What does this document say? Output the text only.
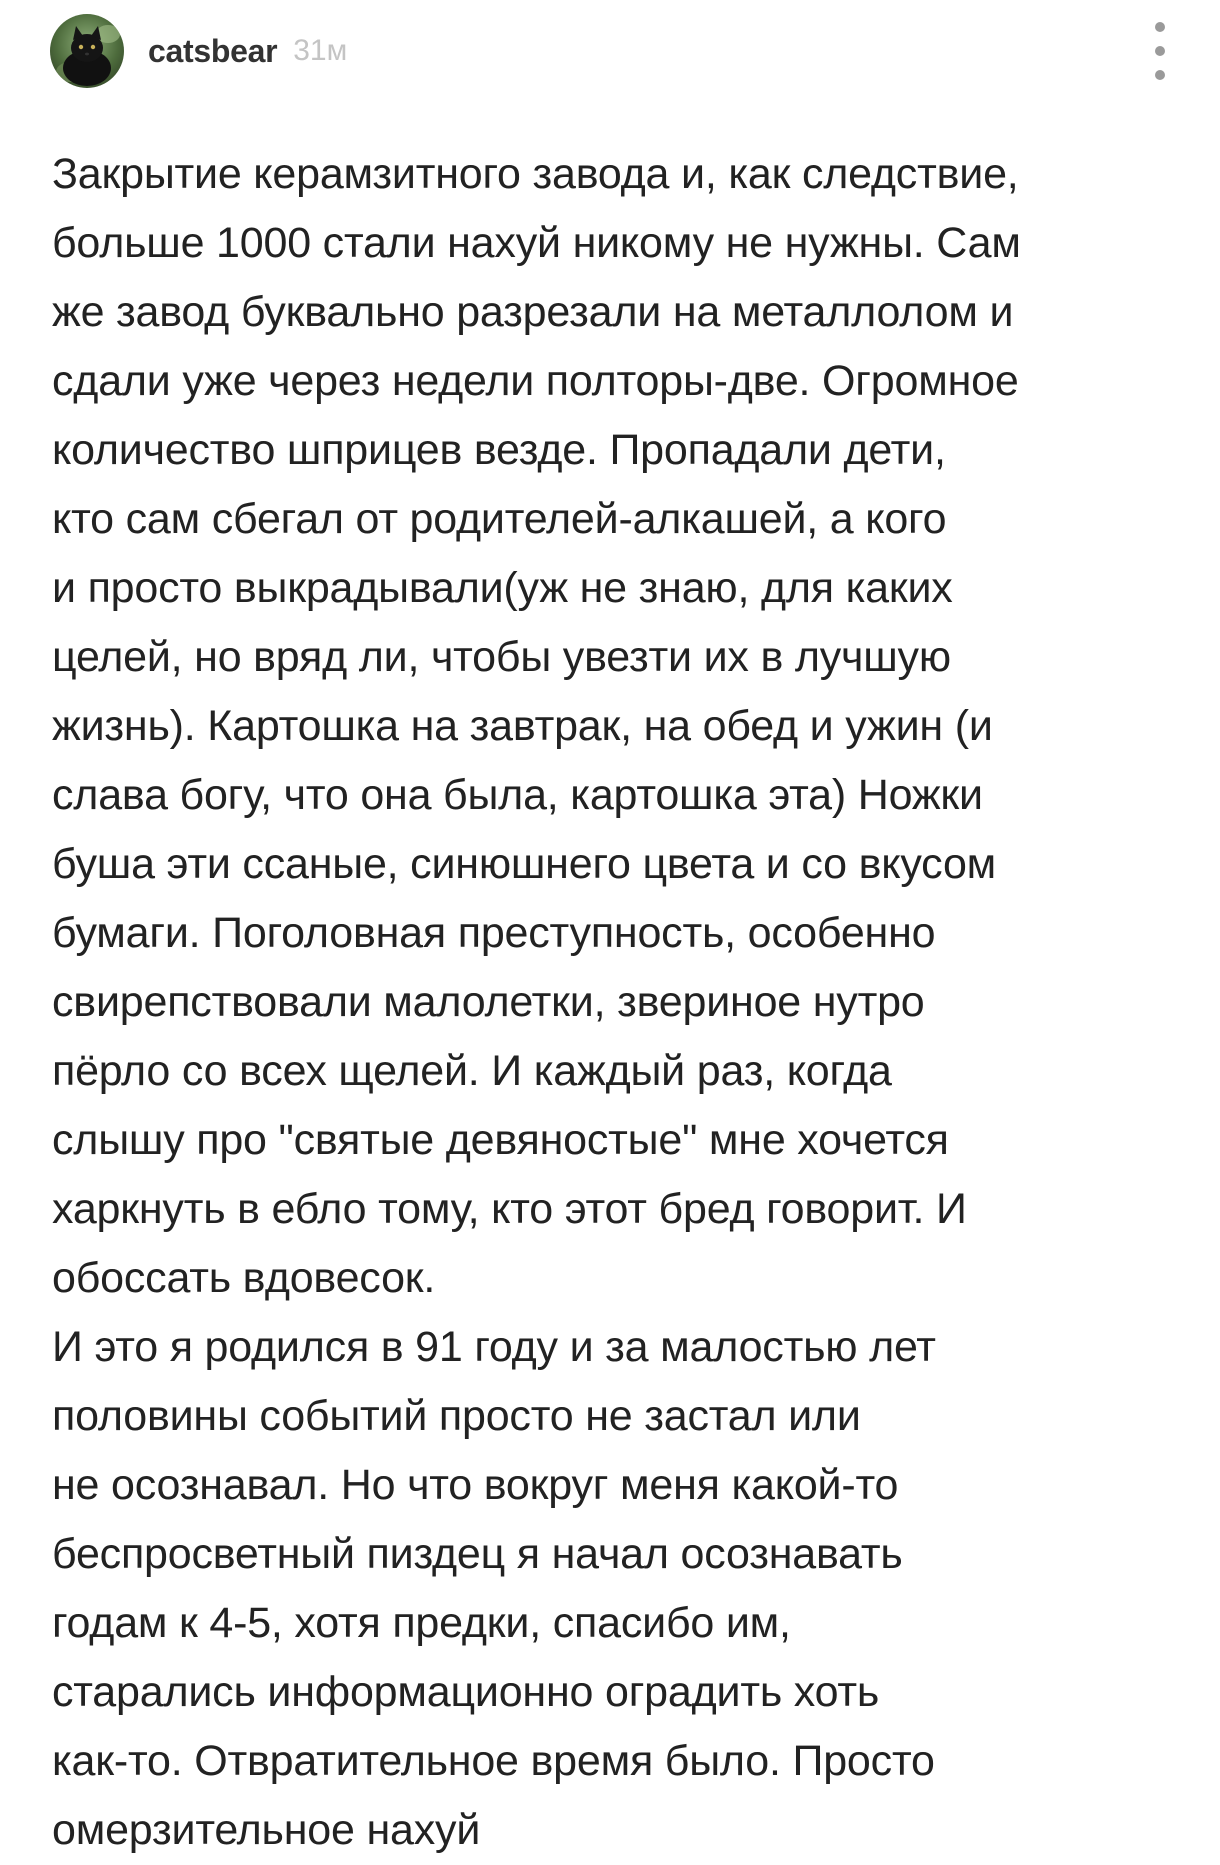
catsbear 31м

Закрытие керамзитного завода и, как следствие,
больше 1000 стали нахуй никому не нужны. Сам
же завод буквально разрезали на металлолом и
сдали уже через недели полторы-две. Огромное
количество шприцев везде. Пропадали дети,
кто сам сбегал от родителей-алкашей, а кого
и просто выкрадывали(уж не знаю, для каких
целей, но вряд ли, чтобы увезти их в лучшую
жизнь). Картошка на завтрак, на обед и ужин (и
слава богу, что она была, картошка эта) Ножки
буша эти ссаные, синюшнего цвета и со вкусом
бумаги. Поголовная преступность, особенно
свирепствовали малолетки, звериное нутро
пёрло со всех щелей. И каждый раз, когда
слышу про "святые девяностые" мне хочется
харкнуть в ебло тому, кто этот бред говорит. И
обоссать вдовесок.

И это я родился в 91 году и за малостью лет
половины событий просто не застал или
не осознавал. Но что вокруг меня какой-то
беспросветный пиздец я начал осознавать
годам к 4-5, хотя предки, спасибо им,
старались информационно оградить хоть
как-то. Отвратительное время было. Просто
омерзительное нахуй
